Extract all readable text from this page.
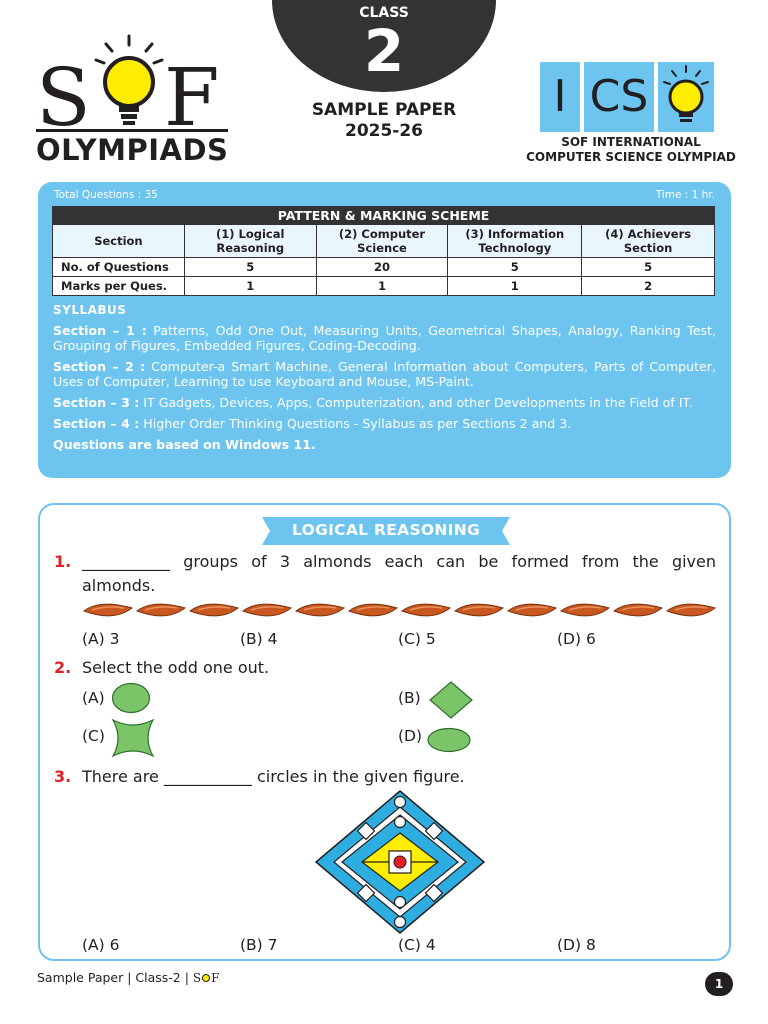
CLASS
2
SAMPLE PAPER
2025-26
S F
OLYMPIADS
I CS
SOF INTERNATIONAL
COMPUTER SCIENCE OLYMPIAD
Total Questions : 35	Time : 1 hr.
PATTERN & MARKING SCHEME				
Section	(1) Logical Reasoning	(2) Computer Science	(3) Information Technology	(4) Achievers Section
No. of Questions	5	20	5	5
Marks per Ques.	1	1	1	2
SYLLABUS

Section – 1 : Patterns, Odd One Out, Measuring Units, Geometrical Shapes, Analogy, Ranking Test, Grouping of Figures, Embedded Figures, Coding-Decoding.

Section – 2 : Computer-a Smart Machine, General Information about Computers, Parts of Computer, Uses of Computer, Learning to use Keyboard and Mouse, MS-Paint.

Section – 3 : IT Gadgets, Devices, Apps, Computerization, and other Developments in the Field of IT.

Section – 4 : Higher Order Thinking Questions - Syllabus as per Sections 2 and 3.

Questions are based on Windows 11.
LOGICAL REASONING
1. ___________ groups of 3 almonds each can be formed from the given
almonds.
(A) 3	(B) 4	(C) 5	(D) 6
2. Select the odd one out.
(A)	(B)
(C)	(D)
3. There are ___________ circles in the given figure.
(A) 6	(B) 7	(C) 4	(D) 8
Sample Paper | Class-2 | S F	1
